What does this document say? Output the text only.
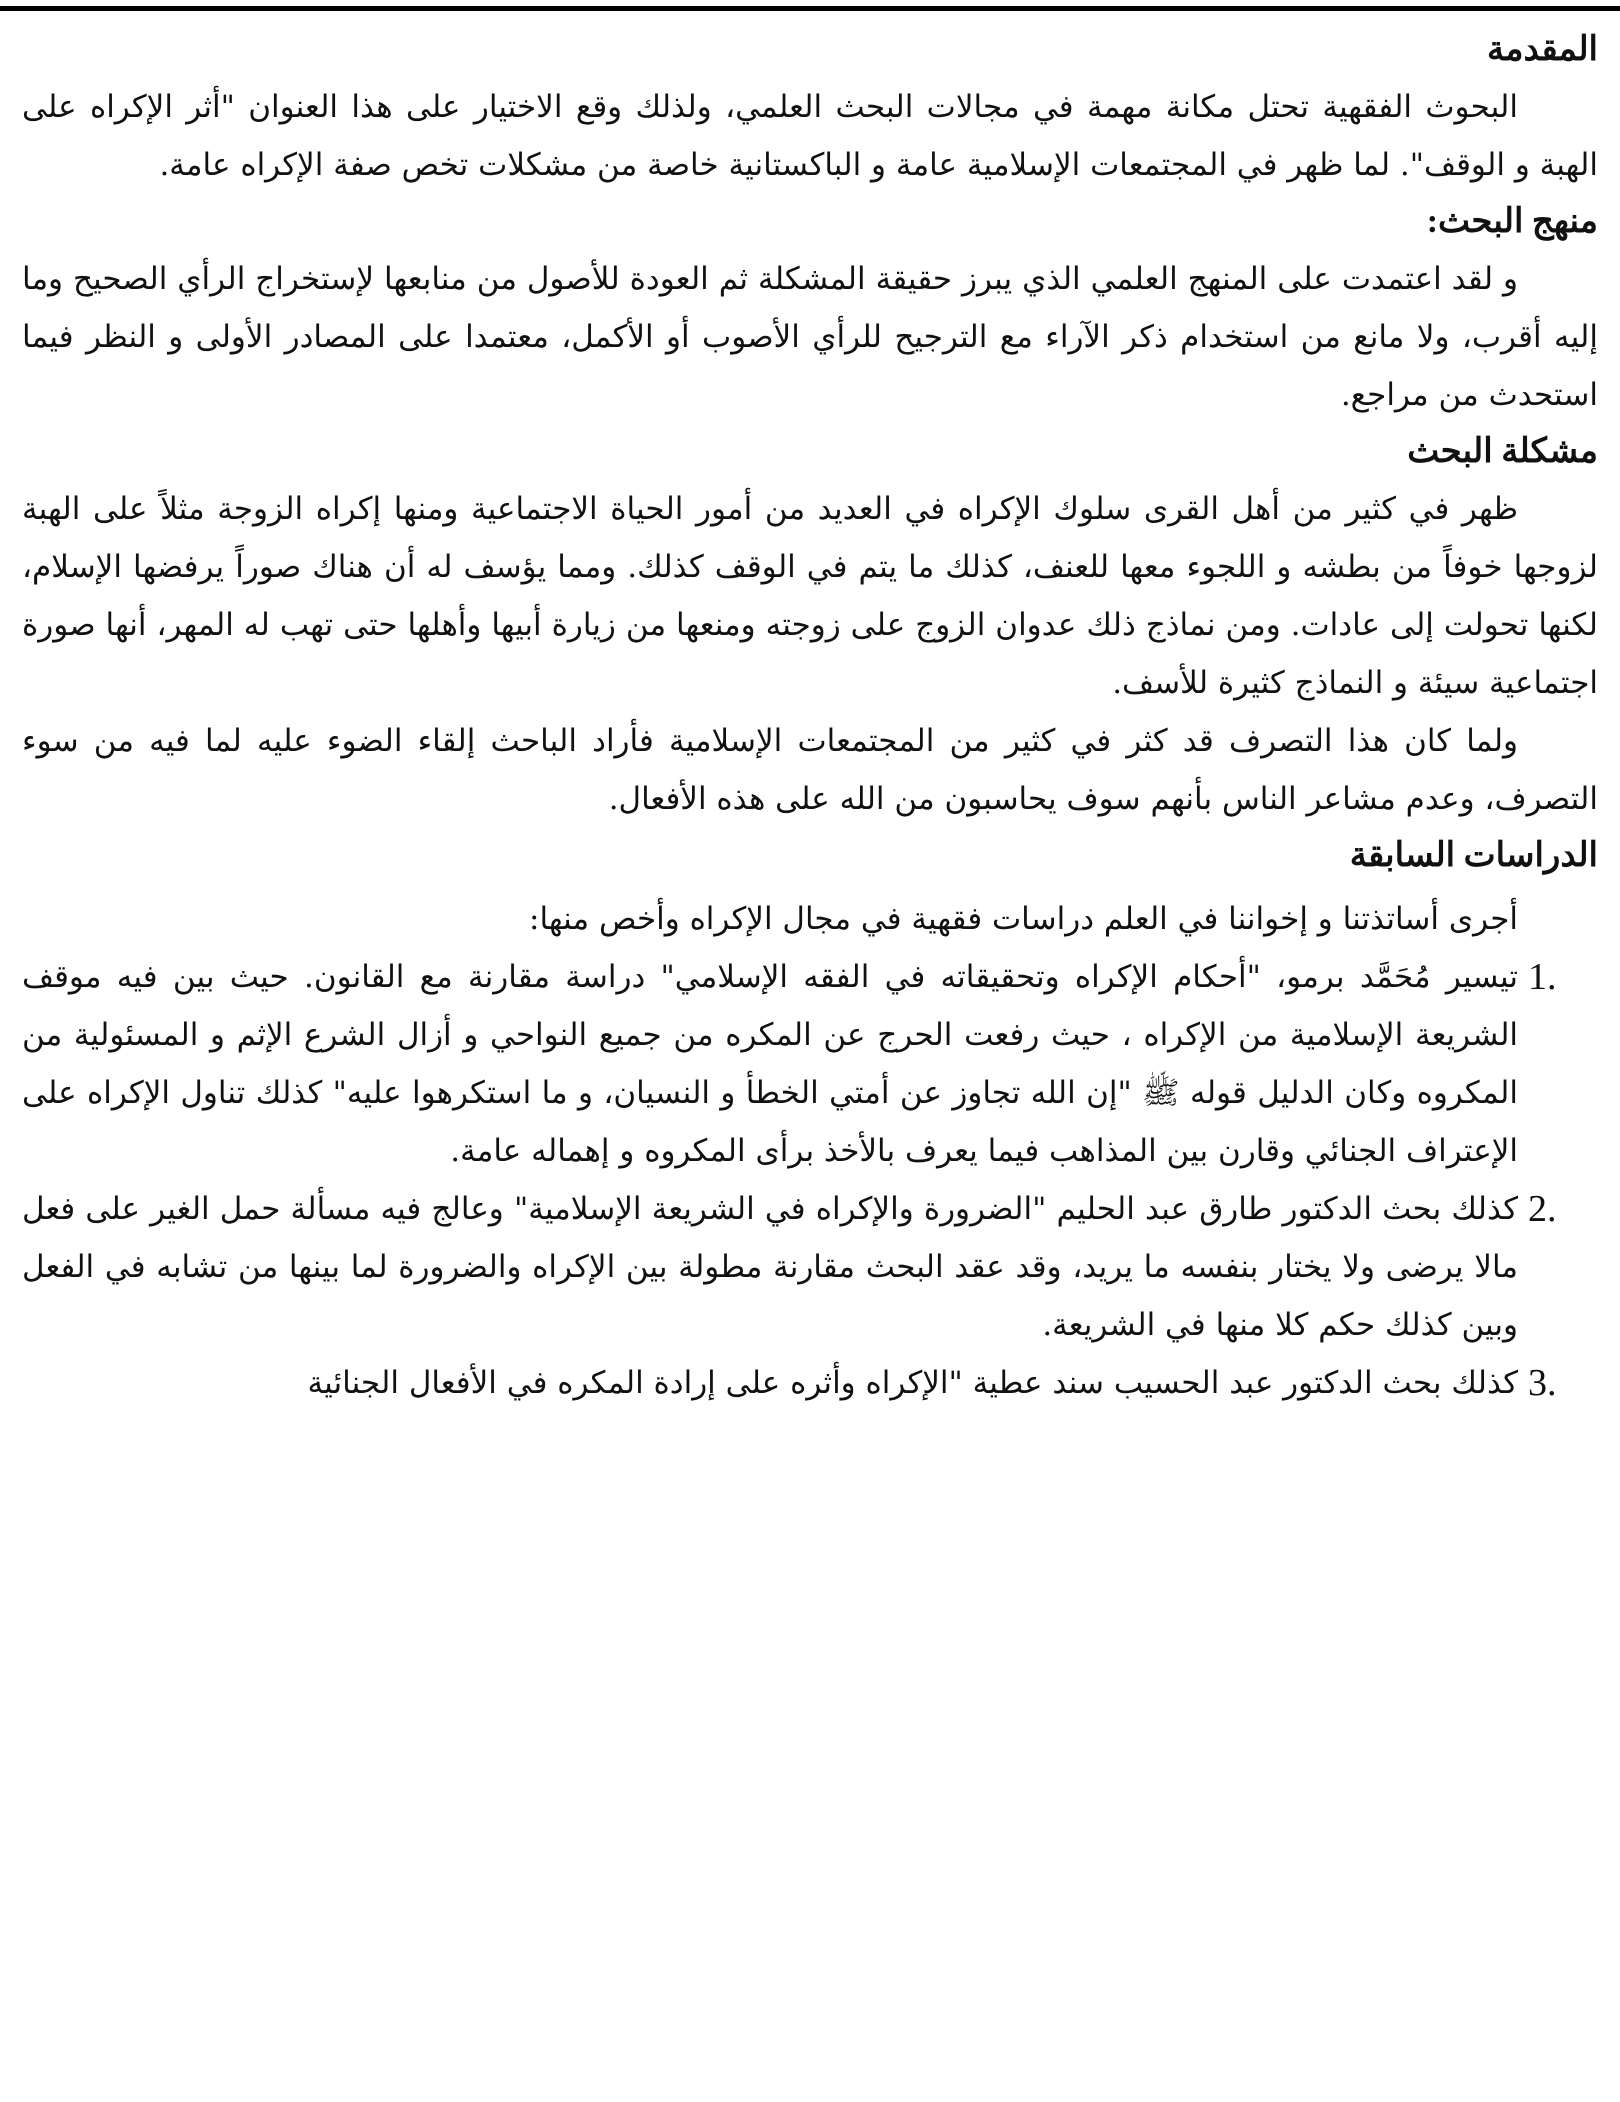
المقدمة

البحوث الفقهية تحتل مكانة مهمة في مجالات البحث العلمي، ولذلك وقع الاختيار على هذا العنوان "أثر الإكراه على الهبة و الوقف". لما ظهر في المجتمعات الإسلامية عامة و الباكستانية خاصة من مشكلات تخص صفة الإكراه عامة.

منهج البحث:

و لقد اعتمدت على المنهج العلمي الذي يبرز حقيقة المشكلة ثم العودة للأصول من منابعها لإستخراج الرأي الصحيح وما إليه أقرب، ولا مانع من استخدام ذكر الآراء مع الترجيح للرأي الأصوب أو الأكمل، معتمدا على المصادر الأولى و النظر فيما استحدث من مراجع.

مشكلة البحث

ظهر في كثير من أهل القرى سلوك الإكراه في العديد من أمور الحياة الاجتماعية ومنها إكراه الزوجة مثلاً على الهبة لزوجها خوفاً من بطشه و اللجوء معها للعنف، كذلك ما يتم في الوقف كذلك. ومما يؤسف له أن هناك صوراً يرفضها الإسلام، لكنها تحولت إلى عادات. ومن نماذج ذلك عدوان الزوج على زوجته ومنعها من زيارة أبيها وأهلها حتى تهب له المهر، أنها صورة اجتماعية سيئة و النماذج كثيرة للأسف.

ولما كان هذا التصرف قد كثر في كثير من المجتمعات الإسلامية فأراد الباحث إلقاء الضوء عليه لما فيه من سوء التصرف، وعدم مشاعر الناس بأنهم سوف يحاسبون من الله على هذه الأفعال.

الدراسات السابقة

أجرى أساتذتنا و إخواننا في العلم دراسات فقهية في مجال الإكراه وأخص منها:

1.

تيسير مُحَمَّد برمو، "أحكام الإكراه وتحقيقاته في الفقه الإسلامي" دراسة مقارنة مع القانون. حيث بين فيه موقف الشريعة الإسلامية من الإكراه ، حيث رفعت الحرج عن المكره من جميع النواحي و أزال الشرع الإثم و المسئولية من المكروه وكان الدليل قوله ﷺ "إن الله تجاوز عن أمتي الخطأ و النسيان، و ما استكرهوا عليه" كذلك تناول الإكراه على الإعتراف الجنائي وقارن بين المذاهب فيما يعرف بالأخذ برأى المكروه و إهماله عامة.

2.

كذلك بحث الدكتور طارق عبد الحليم "الضرورة والإكراه في الشريعة الإسلامية" وعالج فيه مسألة حمل الغير على فعل مالا يرضى ولا يختار بنفسه ما يريد، وقد عقد البحث مقارنة مطولة بين الإكراه والضرورة لما بينها من تشابه في الفعل وبين كذلك حكم كلا منها في الشريعة.

3.

كذلك بحث الدكتور عبد الحسيب سند عطية "الإكراه وأثره على إرادة المكره في الأفعال الجنائية
